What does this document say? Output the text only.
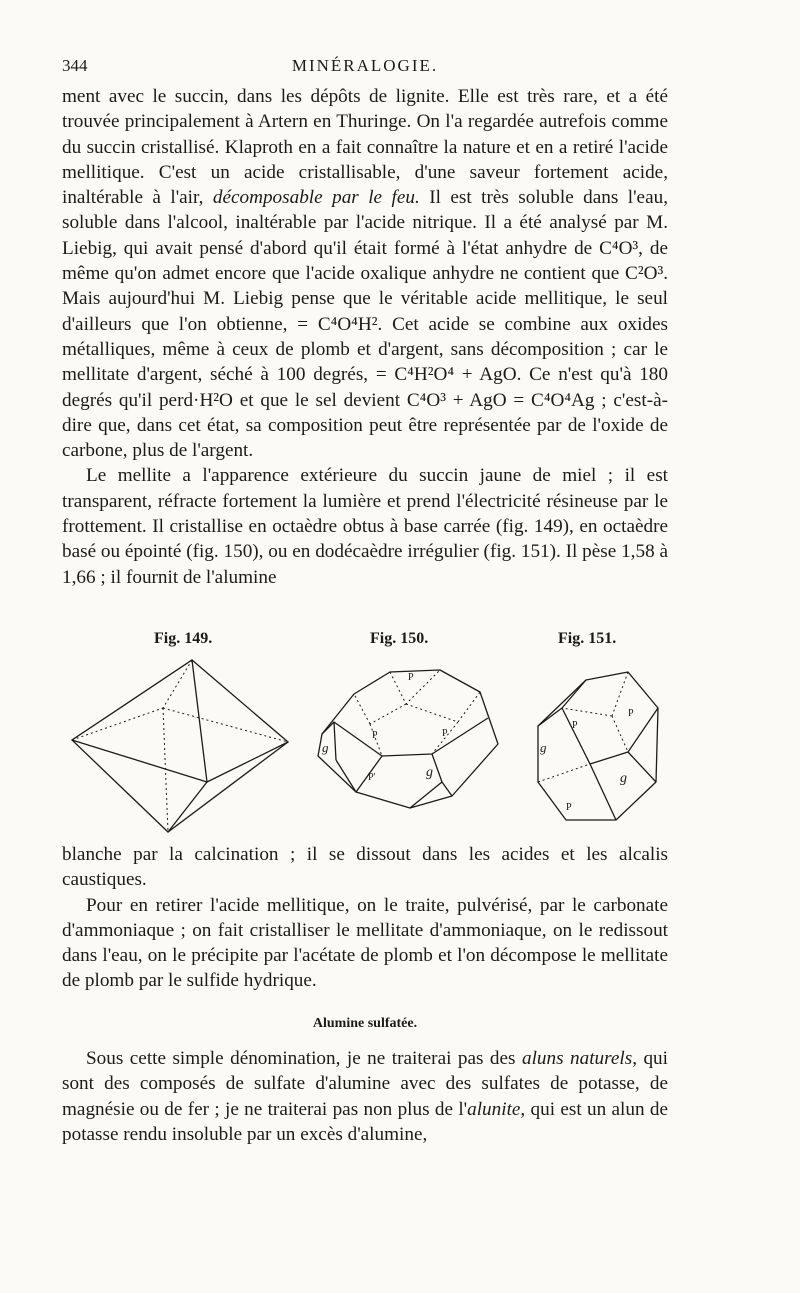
344	MINÉRALOGIE.

ment avec le succin, dans les dépôts de lignite. Elle est très rare, et a été trouvée principalement à Artern en Thuringe. On l'a regardée autrefois comme du succin cristallisé. Klaproth en a fait connaître la nature et en a retiré l'acide mellitique. C'est un acide cristallisable, d'une saveur fortement acide, inaltérable à l'air, décomposable par le feu. Il est très soluble dans l'eau, soluble dans l'alcool, inaltérable par l'acide nitrique. Il a été analysé par M. Liebig, qui avait pensé d'abord qu'il était formé à l'état anhydre de C⁴O³, de même qu'on admet encore que l'acide oxalique anhydre ne contient que C²O³. Mais aujourd'hui M. Liebig pense que le véritable acide mellitique, le seul d'ailleurs que l'on obtienne, = C⁴O⁴H². Cet acide se combine aux oxides métalliques, même à ceux de plomb et d'argent, sans décomposition ; car le mellitate d'argent, séché à 100 degrés, = C⁴H²O⁴ + AgO. Ce n'est qu'à 180 degrés qu'il perd·H²O et que le sel devient C⁴O³ + AgO = C⁴O⁴Ag ; c'est-à-dire que, dans cet état, sa composition peut être représentée par de l'oxide de carbone, plus de l'argent.

Le mellite a l'apparence extérieure du succin jaune de miel ; il est transparent, réfracte fortement la lumière et prend l'électricité résineuse par le frottement. Il cristallise en octaèdre obtus à base carrée (fig. 149), en octaèdre basé ou épointé (fig. 150), ou en dodécaèdre irrégulier (fig. 151). Il pèse 1,58 à 1,66 ; il fournit de l'alumine

Fig. 149.	Fig. 150.	Fig. 151.
P
P	P
g
P'	g
P
P
g
g
P

blanche par la calcination ; il se dissout dans les acides et les alcalis caustiques.

Pour en retirer l'acide mellitique, on le traite, pulvérisé, par le carbonate d'ammoniaque ; on fait cristalliser le mellitate d'ammoniaque, on le redissout dans l'eau, on le précipite par l'acétate de plomb et l'on décompose le mellitate de plomb par le sulfide hydrique.

Alumine sulfatée.

Sous cette simple dénomination, je ne traiterai pas des aluns naturels, qui sont des composés de sulfate d'alumine avec des sulfates de potasse, de magnésie ou de fer ; je ne traiterai pas non plus de l'alunite, qui est un alun de potasse rendu insoluble par un excès d'alumine,
